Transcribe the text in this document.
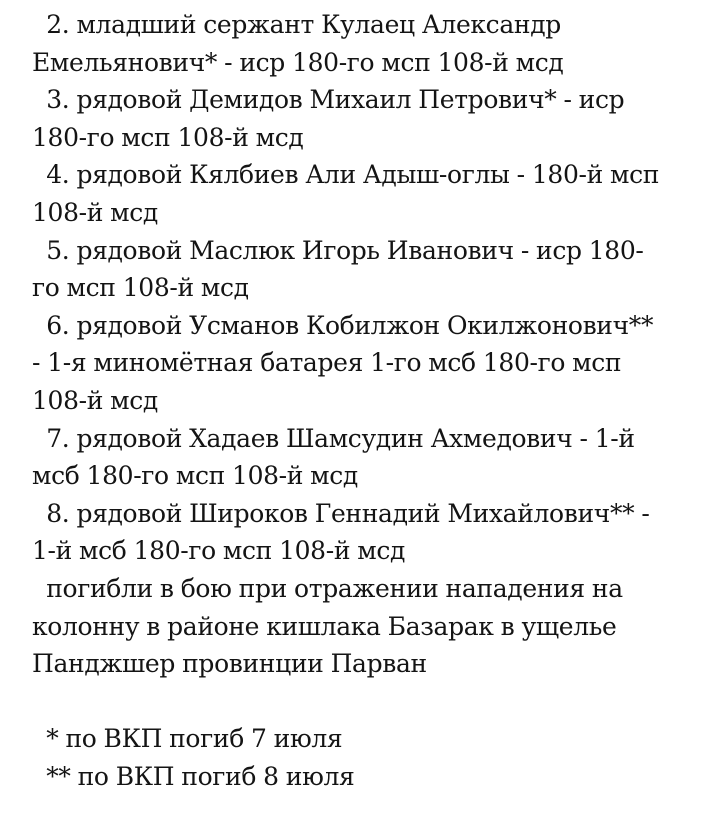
2. младший сержант Кулаец Александр
Емельянович* - иср 180-го мсп 108-й мсд
3. рядовой Демидов Михаил Петрович* - иср
180-го мсп 108-й мсд
4. рядовой Кялбиев Али Адыш-оглы - 180-й мсп
108-й мсд
5. рядовой Маслюк Игорь Иванович - иср 180-
го мсп 108-й мсд
6. рядовой Усманов Кобилжон Окилжонович**
- 1-я миномётная батарея 1-го мсб 180-го мсп
108-й мсд
7. рядовой Хадаев Шамсудин Ахмедович - 1-й
мсб 180-го мсп 108-й мсд
8. рядовой Широков Геннадий Михайлович** -
1-й мсб 180-го мсп 108-й мсд
погибли в бою при отражении нападения на
колонну в районе кишлака Базарак в ущелье
Панджшер провинции Парван
* по ВКП погиб 7 июля
** по ВКП погиб 8 июля
